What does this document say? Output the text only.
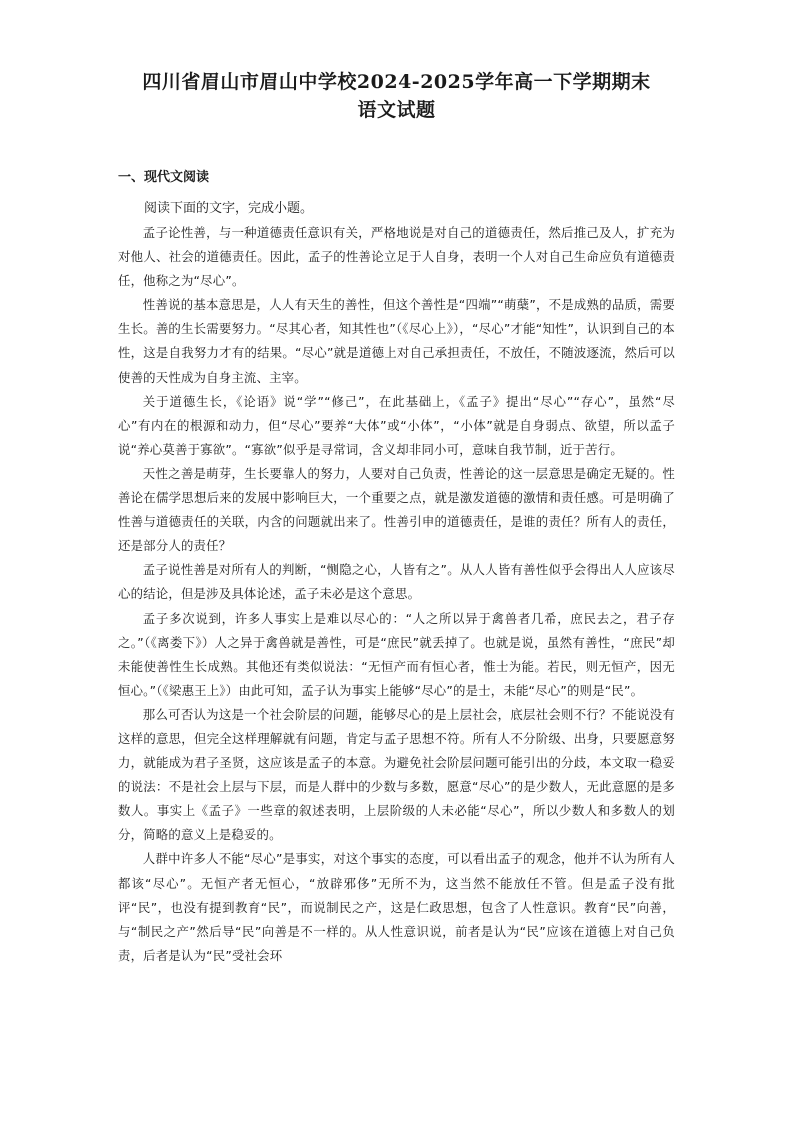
四川省眉山市眉山中学校2024-2025学年高一下学期期末
语文试题
一、现代文阅读

阅读下面的文字，完成小题。

孟子论性善，与一种道德责任意识有关，严格地说是对自己的道德责任，然后推己及人，扩充为对他人、社会的道德责任。因此，孟子的性善论立足于人自身，表明一个人对自己生命应负有道德责任，他称之为“尽心”。

性善说的基本意思是，人人有天生的善性，但这个善性是“四端”“萌蘖”，不是成熟的品质，需要生长。善的生长需要努力。“尽其心者，知其性也”（《尽心上》），“尽心”才能“知性”，认识到自己的本性，这是自我努力才有的结果。“尽心”就是道德上对自己承担责任，不放任，不随波逐流，然后可以使善的天性成为自身主流、主宰。

关于道德生长，《论语》说“学”“修己”，在此基础上，《孟子》提出“尽心”“存心”，虽然“尽心”有内在的根源和动力，但“尽心”要养“大体”或“小体”，“小体”就是自身弱点、欲望，所以孟子说“养心莫善于寡欲”。“寡欲”似乎是寻常词，含义却非同小可，意味自我节制，近于苦行。

天性之善是萌芽，生长要靠人的努力，人要对自己负责，性善论的这一层意思是确定无疑的。性善论在儒学思想后来的发展中影响巨大，一个重要之点，就是激发道德的激情和责任感。可是明确了性善与道德责任的关联，内含的问题就出来了。性善引申的道德责任，是谁的责任？所有人的责任，还是部分人的责任？

孟子说性善是对所有人的判断，“恻隐之心，人皆有之”。从人人皆有善性似乎会得出人人应该尽心的结论，但是涉及具体论述，孟子未必是这个意思。

孟子多次说到，许多人事实上是难以尽心的：“人之所以异于禽兽者几希，庶民去之，君子存之。”（《离娄下》）人之异于禽兽就是善性，可是“庶民”就丢掉了。也就是说，虽然有善性，“庶民”却未能使善性生长成熟。其他还有类似说法：“无恒产而有恒心者，惟士为能。若民，则无恒产，因无恒心。”（《梁惠王上》）由此可知，孟子认为事实上能够“尽心”的是士，未能“尽心”的则是“民”。

那么可否认为这是一个社会阶层的问题，能够尽心的是上层社会，底层社会则不行？不能说没有这样的意思，但完全这样理解就有问题，肯定与孟子思想不符。所有人不分阶级、出身，只要愿意努力，就能成为君子圣贤，这应该是孟子的本意。为避免社会阶层问题可能引出的分歧，本文取一稳妥的说法：不是社会上层与下层，而是人群中的少数与多数，愿意“尽心”的是少数人，无此意愿的是多数人。事实上《孟子》一些章的叙述表明，上层阶级的人未必能“尽心”，所以少数人和多数人的划分，简略的意义上是稳妥的。

人群中许多人不能“尽心”是事实，对这个事实的态度，可以看出孟子的观念，他并不认为所有人都该“尽心”。无恒产者无恒心，“放辟邪侈”无所不为，这当然不能放任不管。但是孟子没有批评“民”，也没有提到教育“民”，而说制民之产，这是仁政思想，包含了人性意识。教育“民”向善，与“制民之产”然后导“民”向善是不一样的。从人性意识说，前者是认为“民”应该在道德上对自己负责，后者是认为“民”受社会环
